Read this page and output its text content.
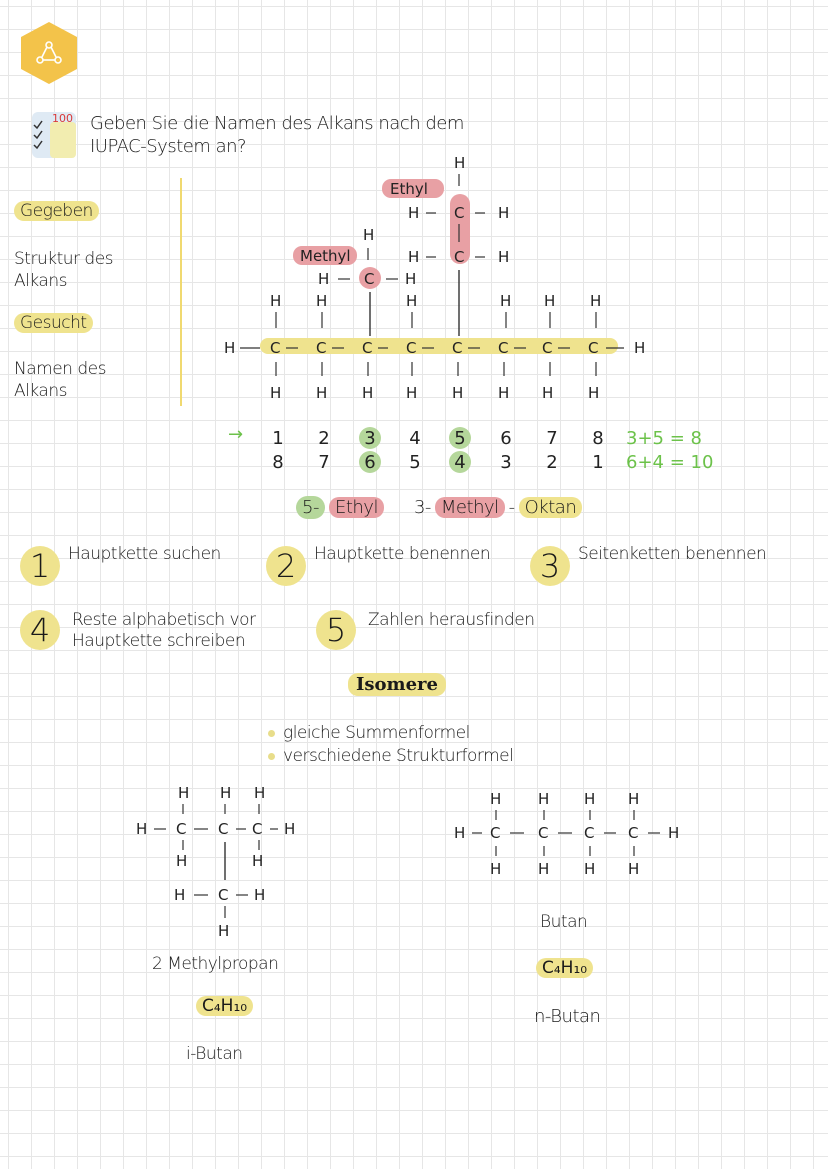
100 Geben Sie die Namen des Alkans nach dem
IUPAC-System an?
Gegeben
Struktur des
Alkans
Gesucht
Namen des
Alkans
Ethyl
Methyl
H
H C H
H C H
H
H C H
H H	H	H H H
H C C C C C C C C H
H H H H H H H H
→ 1 2 3 4 5 6 7 8
8 7 6 5 4 3 2 1
3+5 = 8
6+4 = 10
5- Ethyl	3- Methyl - Oktan
1	Hauptkette suchen	2	Hauptkette benennen	3	Seitenketten benennen
4	Reste alphabetisch vor
Hauptkette schreiben	5	Zahlen herausfinden
Isomere
gleiche Summenformel
verschiedene Strukturformel
H H H
H C C C H
H	H
H C H
H
2 Methylpropan
C₄H₁₀
i-Butan
H H H H
H C	C C C H
H H H H
Butan
C₄H₁₀
n-Butan
